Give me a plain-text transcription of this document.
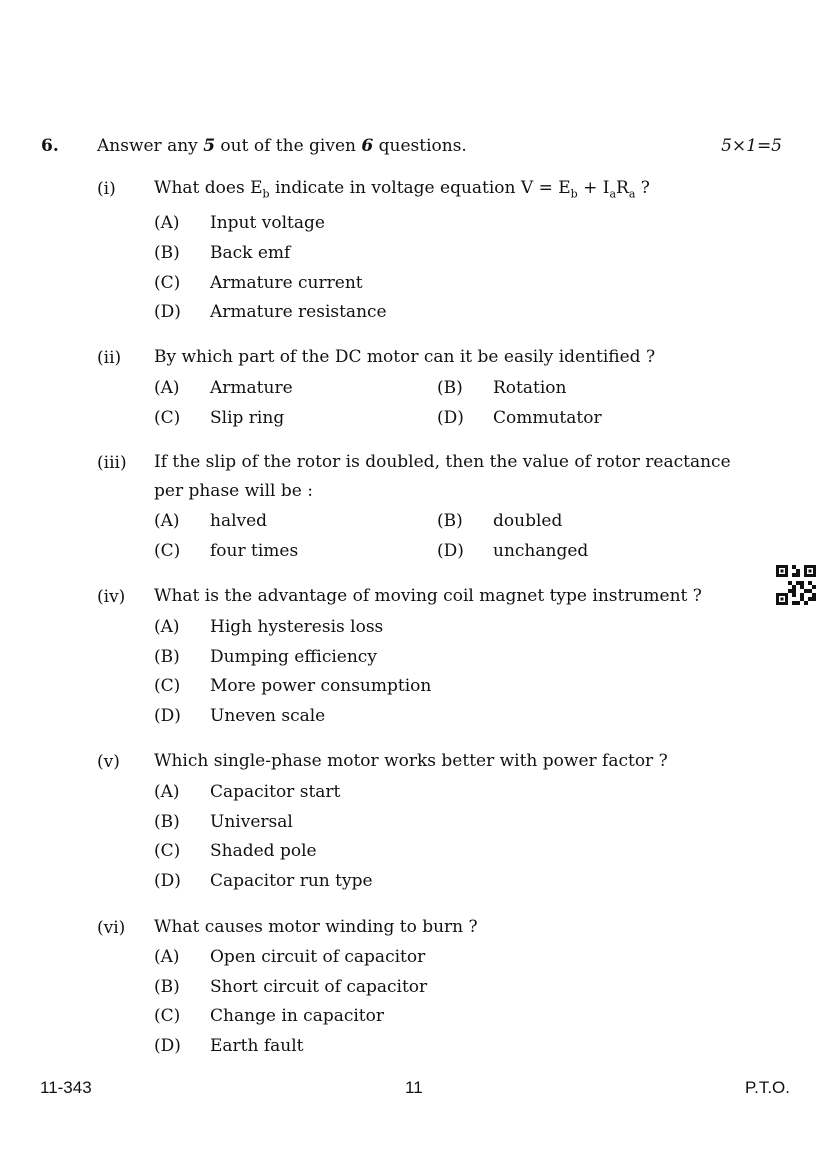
6. Answer any 5 out of the given 6 questions.	5×1=5
(i) What does $E_b$ indicate in voltage equation $V = E_b + I_aR_a$ ?
(A) Input voltage
(B) Back emf
(C) Armature current
(D) Armature resistance
(ii) By which part of the DC motor can it be easily identified ?
(A) Armature	(B) Rotation
(C) Slip ring	(D) Commutator
(iii) If the slip of the rotor is doubled, then the value of rotor reactance
per phase will be :
(A) halved	(B) doubled
(C) four times	(D) unchanged
(iv) What is the advantage of moving coil magnet type instrument ?
(A) High hysteresis loss
(B) Dumping efficiency
(C) More power consumption
(D) Uneven scale
(v) Which single-phase motor works better with power factor ?
(A) Capacitor start
(B) Universal
(C) Shaded pole
(D) Capacitor run type
(vi) What causes motor winding to burn ?
(A) Open circuit of capacitor
(B) Short circuit of capacitor
(C) Change in capacitor
(D) Earth fault
11-343	11	P.T.O.
